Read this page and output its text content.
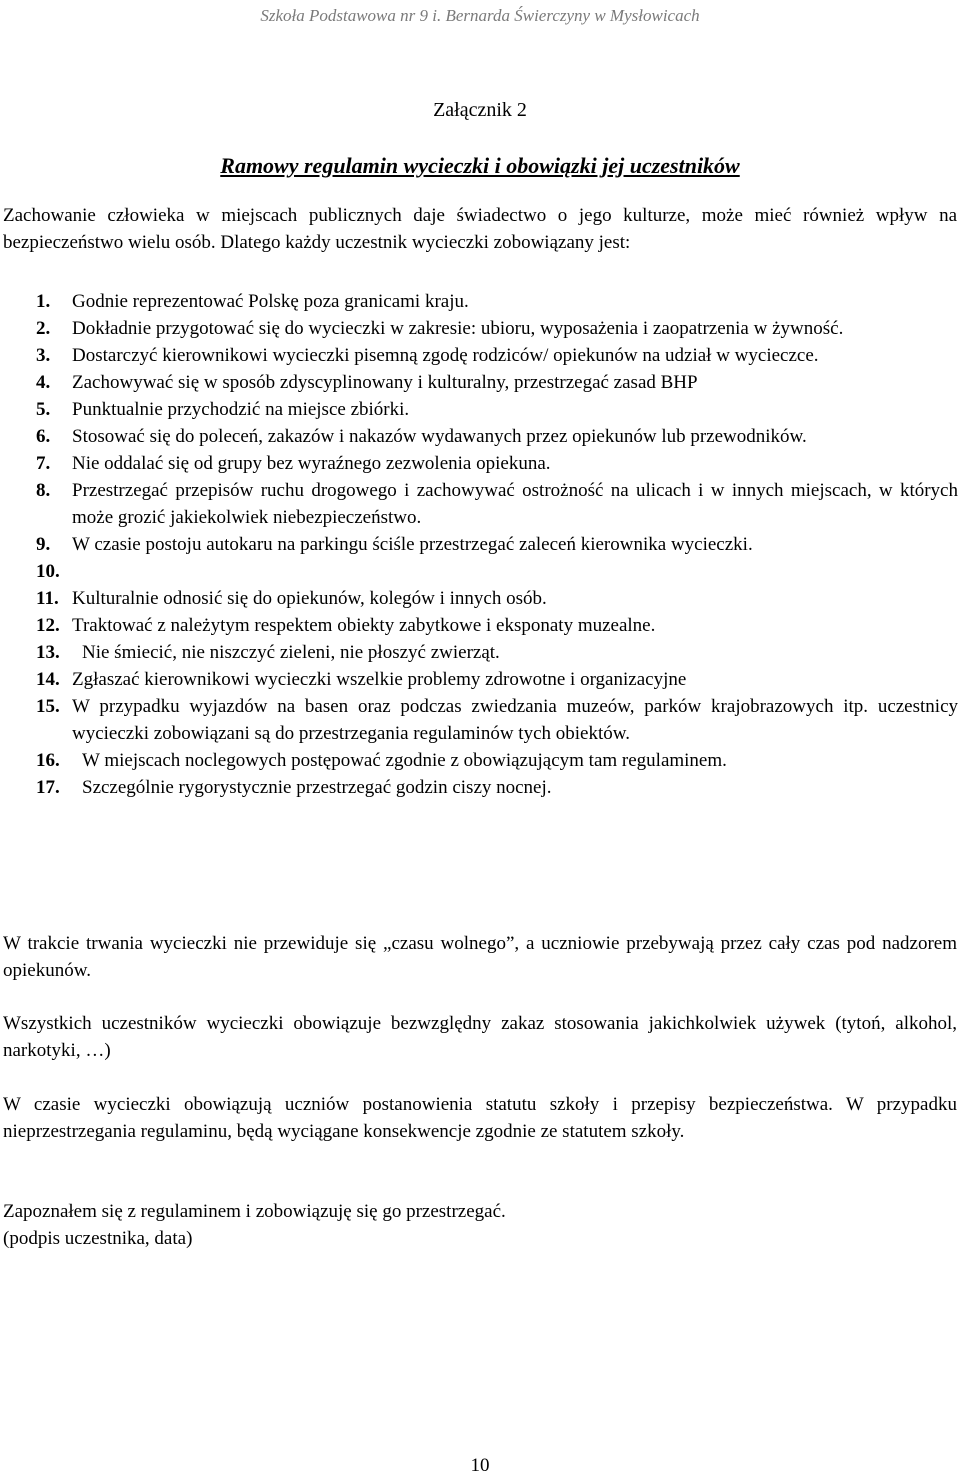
Szkoła Podstawowa nr 9 i. Bernarda Świerczyny w Mysłowicach
Załącznik 2
Ramowy regulamin wycieczki i obowiązki jej uczestników
Zachowanie człowieka w miejscach publicznych daje świadectwo o jego kulturze, może mieć również wpływ na bezpieczeństwo wielu osób. Dlatego każdy uczestnik wycieczki zobowiązany jest:
1. Godnie reprezentować Polskę poza granicami kraju.
2. Dokładnie przygotować się do wycieczki w zakresie: ubioru, wyposażenia i zaopatrzenia w żywność.
3. Dostarczyć kierownikowi wycieczki pisemną zgodę rodziców/ opiekunów na udział w wycieczce.
4. Zachowywać się w sposób zdyscyplinowany i kulturalny, przestrzegać zasad BHP
5. Punktualnie przychodzić na miejsce zbiórki.
6. Stosować się do poleceń, zakazów i nakazów wydawanych przez opiekunów lub przewodników.
7. Nie oddalać się od grupy bez wyraźnego zezwolenia opiekuna.
8. Przestrzegać przepisów ruchu drogowego i zachowywać ostrożność na ulicach i w innych miejscach, w których może grozić jakiekolwiek niebezpieczeństwo.
9. W czasie postoju autokaru na parkingu ściśle przestrzegać zaleceń kierownika wycieczki.
10.
11. Kulturalnie odnosić się do opiekunów, kolegów i innych osób.
12. Traktować z należytym respektem obiekty zabytkowe i eksponaty muzealne.
13. Nie śmiecić, nie niszczyć zieleni, nie płoszyć zwierząt.
14. Zgłaszać kierownikowi wycieczki wszelkie problemy zdrowotne i organizacyjne
15. W przypadku wyjazdów na basen oraz podczas zwiedzania muzeów, parków krajobrazowych itp. uczestnicy wycieczki zobowiązani są do przestrzegania regulaminów tych obiektów.
16. W miejscach noclegowych postępować zgodnie z obowiązującym tam regulaminem.
17. Szczególnie rygorystycznie przestrzegać godzin ciszy nocnej.
W trakcie trwania wycieczki nie przewiduje się „czasu wolnego”, a uczniowie przebywają przez cały czas pod nadzorem opiekunów.
Wszystkich uczestników wycieczki obowiązuje bezwzględny zakaz stosowania jakichkolwiek używek (tytoń, alkohol, narkotyki, …)
W czasie wycieczki obowiązują uczniów postanowienia statutu szkoły i przepisy bezpieczeństwa. W przypadku nieprzestrzegania regulaminu, będą wyciągane konsekwencje zgodnie ze statutem szkoły.
Zapoznałem się z regulaminem i zobowiązuję się go przestrzegać.
(podpis uczestnika, data)
10
